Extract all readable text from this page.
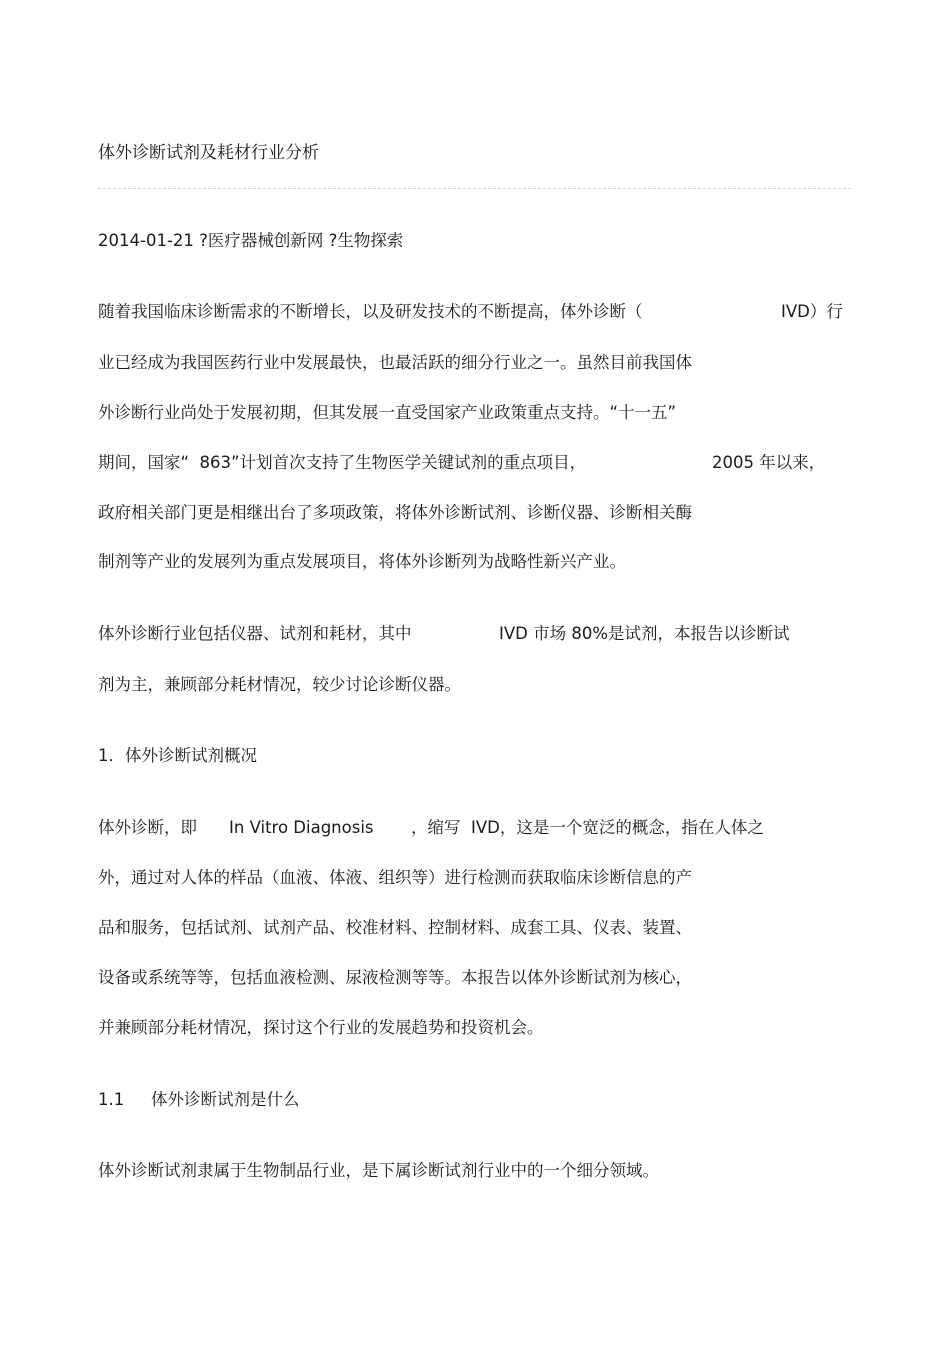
体外诊断试剂及耗材行业分析
2014-01-21 ?医疗器械创新网 ?生物探索
随着我国临床诊断需求的不断增长，以及研发技术的不断提高，体外诊断（	IVD）行
业已经成为我国医药行业中发展最快，也最活跃的细分行业之一。虽然目前我国体
外诊断行业尚处于发展初期，但其发展一直受国家产业政策重点支持。“十一五”
期间，国家“  863”计划首次支持了生物医学关键试剂的重点项目，	2005 年以来，
政府相关部门更是相继出台了多项政策，将体外诊断试剂、诊断仪器、诊断相关酶
制剂等产业的发展列为重点发展项目，将体外诊断列为战略性新兴产业。
体外诊断行业包括仪器、试剂和耗材，其中	IVD 市场 80%是试剂，本报告以诊断试
剂为主，兼顾部分耗材情况，较少讨论诊断仪器。
1．体外诊断试剂概况
体外诊断，即 In Vitro Diagnosis ，缩写  IVD，这是一个宽泛的概念，指在人体之
外，通过对人体的样品（血液、体液、组织等）进行检测而获取临床诊断信息的产
品和服务，包括试剂、试剂产品、校准材料、控制材料、成套工具、仪表、装置、
设备或系统等等，包括血液检测、尿液检测等等。本报告以体外诊断试剂为核心，
并兼顾部分耗材情况，探讨这个行业的发展趋势和投资机会。
1.1 体外诊断试剂是什么
体外诊断试剂隶属于生物制品行业，是下属诊断试剂行业中的一个细分领域。
